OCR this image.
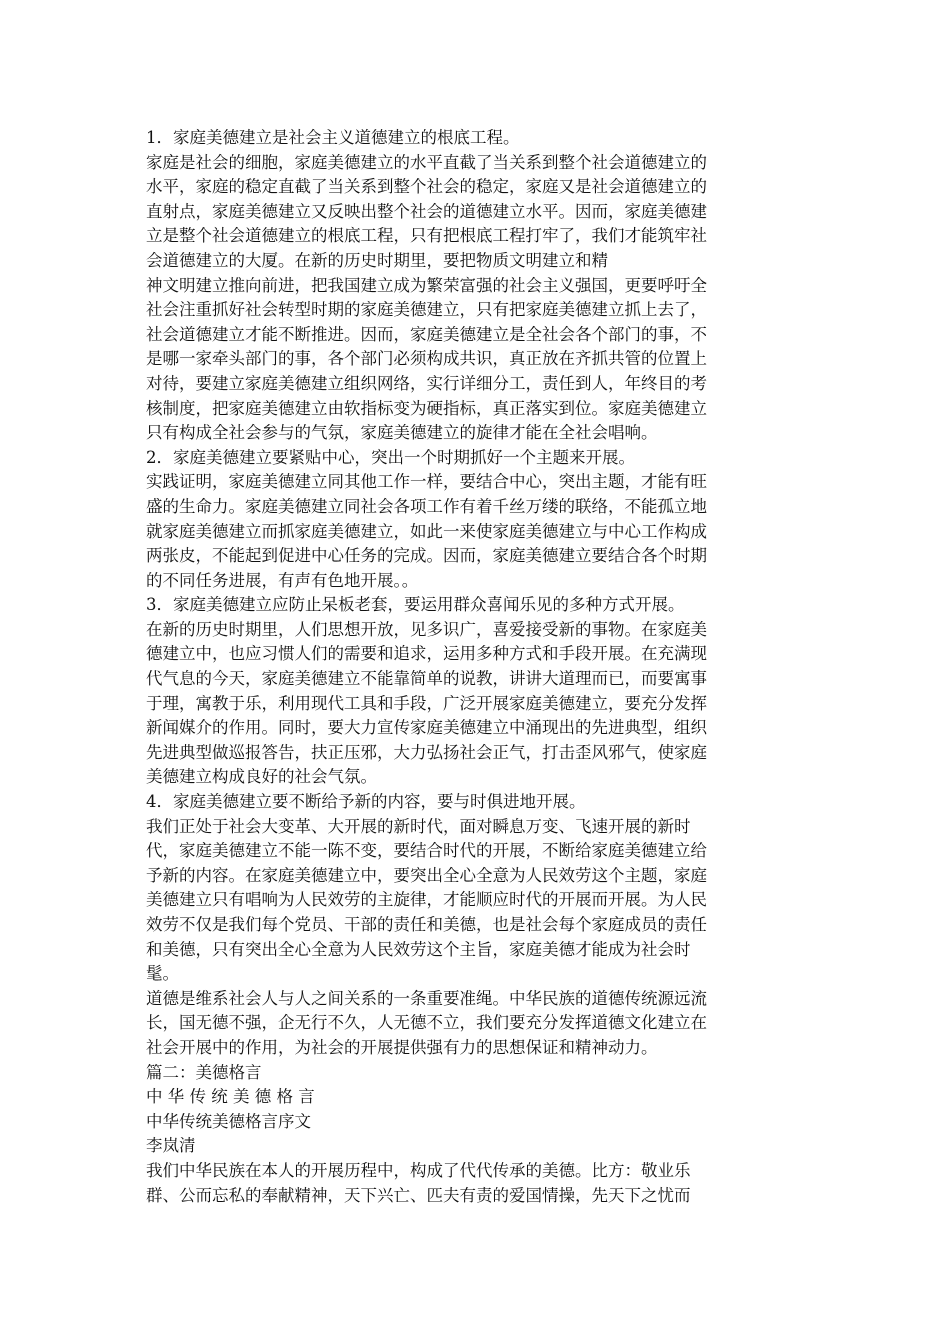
1．家庭美德建立是社会主义道德建立的根底工程。
家庭是社会的细胞，家庭美德建立的水平直截了当关系到整个社会道德建立的
水平，家庭的稳定直截了当关系到整个社会的稳定，家庭又是社会道德建立的
直射点，家庭美德建立又反映出整个社会的道德建立水平。因而，家庭美德建
立是整个社会道德建立的根底工程，只有把根底工程打牢了，我们才能筑牢社
会道德建立的大厦。在新的历史时期里，要把物质文明建立和精
神文明建立推向前进，把我国建立成为繁荣富强的社会主义强国，更要呼吁全
社会注重抓好社会转型时期的家庭美德建立，只有把家庭美德建立抓上去了，
社会道德建立才能不断推进。因而，家庭美德建立是全社会各个部门的事，不
是哪一家牵头部门的事，各个部门必须构成共识，真正放在齐抓共管的位置上
对待，要建立家庭美德建立组织网络，实行详细分工，责任到人，年终目的考
核制度，把家庭美德建立由软指标变为硬指标，真正落实到位。家庭美德建立
只有构成全社会参与的气氛，家庭美德建立的旋律才能在全社会唱响。
2．家庭美德建立要紧贴中心，突出一个时期抓好一个主题来开展。
实践证明，家庭美德建立同其他工作一样，要结合中心，突出主题，才能有旺
盛的生命力。家庭美德建立同社会各项工作有着千丝万缕的联络，不能孤立地
就家庭美德建立而抓家庭美德建立，如此一来使家庭美德建立与中心工作构成
两张皮，不能起到促进中心任务的完成。因而，家庭美德建立要结合各个时期
的不同任务进展，有声有色地开展。。
3．家庭美德建立应防止呆板老套，要运用群众喜闻乐见的多种方式开展。
在新的历史时期里，人们思想开放，见多识广，喜爱接受新的事物。在家庭美
德建立中，也应习惯人们的需要和追求，运用多种方式和手段开展。在充满现
代气息的今天，家庭美德建立不能靠简单的说教，讲讲大道理而已，而要寓事
于理，寓教于乐，利用现代工具和手段，广泛开展家庭美德建立，要充分发挥
新闻媒介的作用。同时，要大力宣传家庭美德建立中涌现出的先进典型，组织
先进典型做巡报答告，扶正压邪，大力弘扬社会正气，打击歪风邪气，使家庭
美德建立构成良好的社会气氛。
4．家庭美德建立要不断给予新的内容，要与时俱进地开展。
我们正处于社会大变革、大开展的新时代，面对瞬息万变、飞速开展的新时
代，家庭美德建立不能一陈不变，要结合时代的开展，不断给家庭美德建立给
予新的内容。在家庭美德建立中，要突出全心全意为人民效劳这个主题，家庭
美德建立只有唱响为人民效劳的主旋律，才能顺应时代的开展而开展。为人民
效劳不仅是我们每个党员、干部的责任和美德，也是社会每个家庭成员的责任
和美德，只有突出全心全意为人民效劳这个主旨，家庭美德才能成为社会时
髦。
道德是维系社会人与人之间关系的一条重要准绳。中华民族的道德传统源远流
长，国无德不强，企无行不久，人无德不立，我们要充分发挥道德文化建立在
社会开展中的作用，为社会的开展提供强有力的思想保证和精神动力。
篇二：美德格言
中 华 传 统 美 德 格 言
中华传统美德格言序文
李岚清
我们中华民族在本人的开展历程中，构成了代代传承的美德。比方：敬业乐
群、公而忘私的奉献精神，天下兴亡、匹夫有责的爱国情操，先天下之忧而
